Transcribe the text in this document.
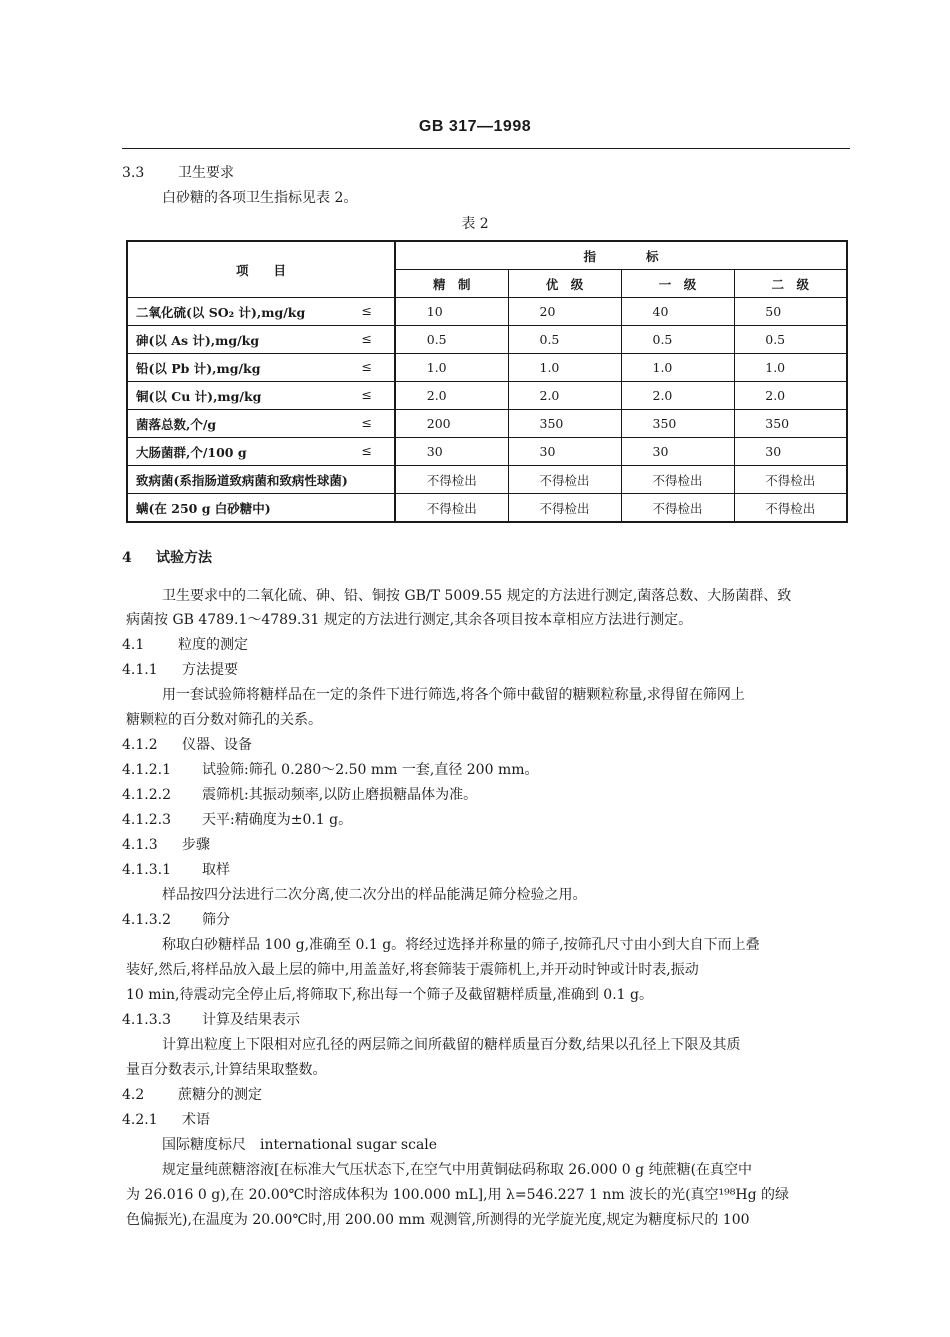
GB 317—1998
3.3 卫生要求
白砂糖的各项卫生指标见表 2。
表 2
项　　目	指　　　　标			
	精　制	优　级	一　级	二　级
二氧化硫(以 SO₂ 计),mg/kg ≤	10	20	40	50
砷(以 As 计),mg/kg ≤	0.5	0.5	0.5	0.5
铅(以 Pb 计),mg/kg ≤	1.0	1.0	1.0	1.0
铜(以 Cu 计),mg/kg ≤	2.0	2.0	2.0	2.0
菌落总数,个/g ≤	200	350	350	350
大肠菌群,个/100 g ≤	30	30	30	30
致病菌(系指肠道致病菌和致病性球菌)	不得检出	不得检出	不得检出	不得检出
螨(在 250 g 白砂糖中)	不得检出	不得检出	不得检出	不得检出
4 试验方法
卫生要求中的二氧化硫、砷、铅、铜按 GB/T 5009.55 规定的方法进行测定,菌落总数、大肠菌群、致
病菌按 GB 4789.1～4789.31 规定的方法进行测定,其余各项目按本章相应方法进行测定。
4.1 粒度的测定
4.1.1 方法提要
用一套试验筛将糖样品在一定的条件下进行筛选,将各个筛中截留的糖颗粒称量,求得留在筛网上
糖颗粒的百分数对筛孔的关系。
4.1.2 仪器、设备
4.1.2.1 试验筛:筛孔 0.280～2.50 mm 一套,直径 200 mm。
4.1.2.2 震筛机:其振动频率,以防止磨损糖晶体为准。
4.1.2.3 天平:精确度为±0.1 g。
4.1.3 步骤
4.1.3.1 取样
样品按四分法进行二次分离,使二次分出的样品能满足筛分检验之用。
4.1.3.2 筛分
称取白砂糖样品 100 g,准确至 0.1 g。将经过选择并称量的筛子,按筛孔尺寸由小到大自下而上叠
装好,然后,将样品放入最上层的筛中,用盖盖好,将套筛装于震筛机上,并开动时钟或计时表,振动
10 min,待震动完全停止后,将筛取下,称出每一个筛子及截留糖样质量,准确到 0.1 g。
4.1.3.3 计算及结果表示
计算出粒度上下限相对应孔径的两层筛之间所截留的糖样质量百分数,结果以孔径上下限及其质
量百分数表示,计算结果取整数。
4.2 蔗糖分的测定
4.2.1 术语
国际糖度标尺　international sugar scale
规定量纯蔗糖溶液[在标准大气压状态下,在空气中用黄铜砝码称取 26.000 0 g 纯蔗糖(在真空中
为 26.016 0 g),在 20.00℃时溶成体积为 100.000 mL],用 λ=546.227 1 nm 波长的光(真空¹⁹⁸Hg 的绿
色偏振光),在温度为 20.00℃时,用 200.00 mm 观测管,所测得的光学旋光度,规定为糖度标尺的 100
